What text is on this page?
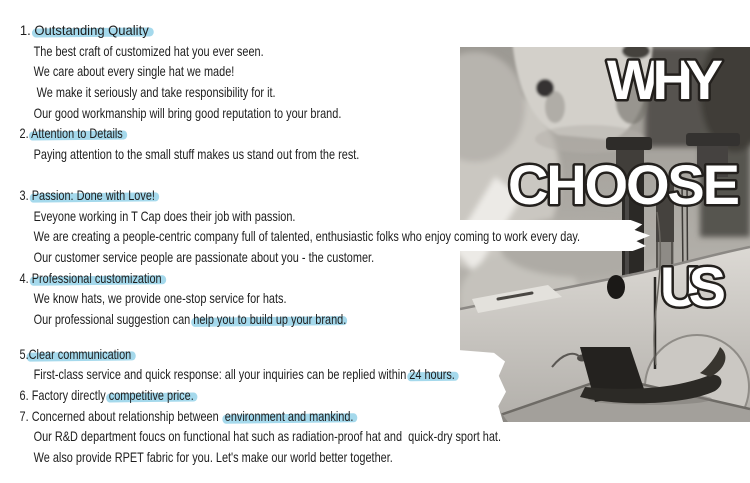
WHY
CHOOSE
US
1. Outstanding Quality
The best craft of customized hat you ever seen.
We care about every single hat we made!
We make it seriously and take responsibility for it.
Our good workmanship will bring good reputation to your brand.
2. Attention to Details
Paying attention to the small stuff makes us stand out from the rest.
3. Passion: Done with Love!
Eveyone working in T Cap does their job with passion.
We are creating a people-centric company full of talented, enthusiastic folks who enjoy coming to work every day.
Our customer service people are passionate about you - the customer.
4. Professional customization
We know hats, we provide one-stop service for hats.
Our professional suggestion can help you to build up your brand.
5.Clear communication
First-class service and quick response: all your inquiries can be replied within 24 hours.
6. Factory directly competitive price.
7. Concerned about relationship between  environment and mankind.
Our R&D department foucs on functional hat such as radiation-proof hat and  quick-dry sport hat.
We also provide RPET fabric for you. Let's make our world better together.
